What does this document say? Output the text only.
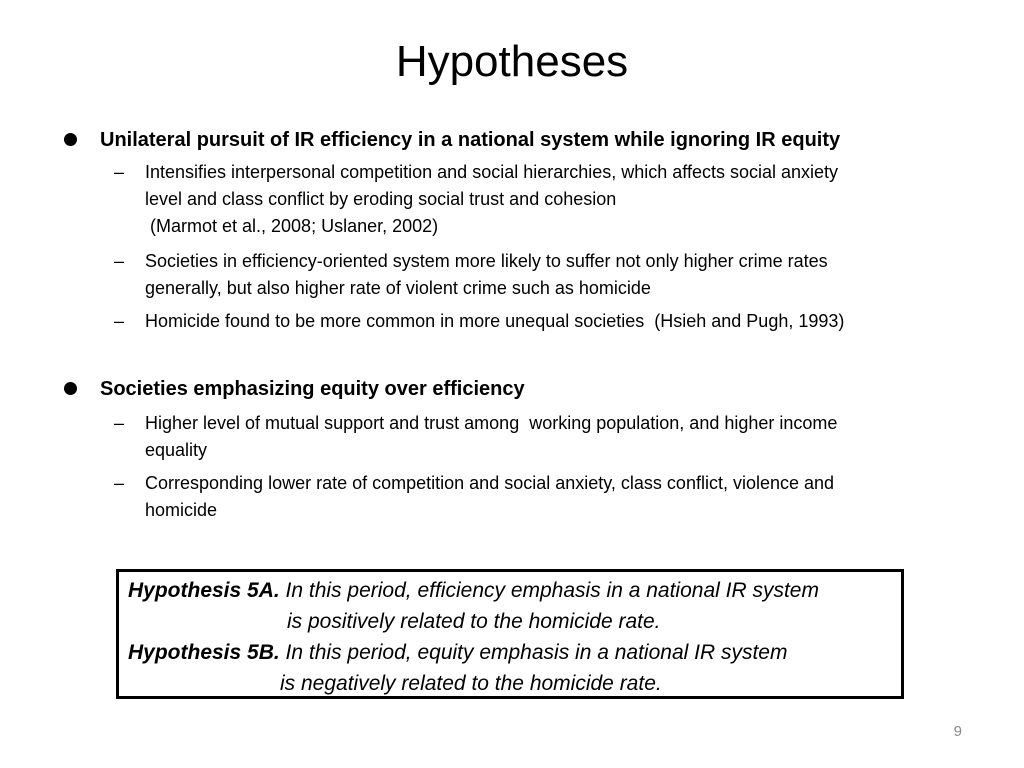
Hypotheses
Unilateral pursuit of IR efficiency in a national system while ignoring IR equity
– Intensifies interpersonal competition and social hierarchies, which affects social anxiety
level and class conflict by eroding social trust and cohesion
(Marmot et al., 2008; Uslaner, 2002)
– Societies in efficiency-oriented system more likely to suffer not only higher crime rates
generally, but also higher rate of violent crime such as homicide
– Homicide found to be more common in more unequal societies  (Hsieh and Pugh, 1993)
Societies emphasizing equity over efficiency
– Higher level of mutual support and trust among  working population, and higher income
equality
– Corresponding lower rate of competition and social anxiety, class conflict, violence and
homicide
Hypothesis 5A. In this period, efficiency emphasis in a national IR system
is positively related to the homicide rate.
Hypothesis 5B. In this period, equity emphasis in a national IR system
is negatively related to the homicide rate.
9
